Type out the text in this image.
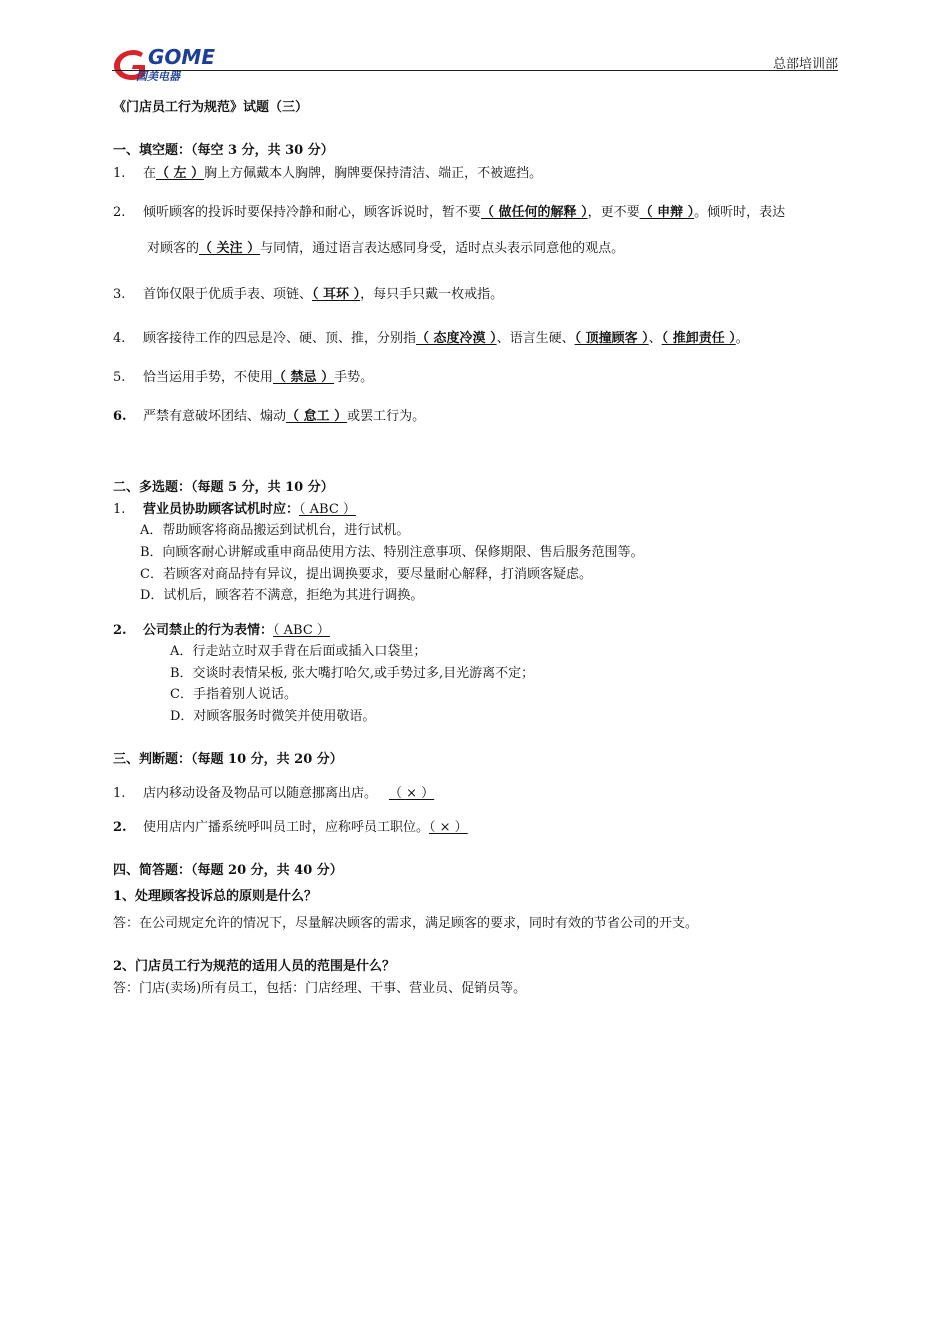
GOME
国美电器
总部培训部
《门店员工行为规范》试题（三）
一、填空题：（每空 3 分，共 30 分）
1. 在（ 左 ）胸上方佩戴本人胸牌，胸牌要保持清洁、端正，不被遮挡。
2. 倾听顾客的投诉时要保持冷静和耐心，顾客诉说时，暂不要（ 做任何的解释 ），更不要（ 申辩 ）。倾听时，表达
对顾客的（ 关注 ）与同情，通过语言表达感同身受，适时点头表示同意他的观点。
3. 首饰仅限于优质手表、项链、（ 耳环 ），每只手只戴一枚戒指。
4. 顾客接待工作的四忌是冷、硬、顶、推，分别指（ 态度冷漠 ）、语言生硬、（ 顶撞顾客 ）、（ 推卸责任 ）。
5. 恰当运用手势，不使用（ 禁忌 ）手势。
6. 严禁有意破坏团结、煽动（ 怠工 ）或罢工行为。
二、多选题：（每题 5 分，共 10 分）
1. 营业员协助顾客试机时应：（ ABC ）
A．帮助顾客将商品搬运到试机台，进行试机。
B．向顾客耐心讲解或重申商品使用方法、特别注意事项、保修期限、售后服务范围等。
C．若顾客对商品持有异议，提出调换要求，要尽量耐心解释，打消顾客疑虑。
D．试机后，顾客若不满意，拒绝为其进行调换。
2. 公司禁止的行为表情：（ ABC ）
A．行走站立时双手背在后面或插入口袋里；
B．交谈时表情呆板, 张大嘴打哈欠,或手势过多,目光游离不定；
C．手指着别人说话。
D．对顾客服务时微笑并使用敬语。
三、判断题：（每题 10 分，共 20 分）
1. 店内移动设备及物品可以随意挪离出店。 （ × ）
2. 使用店内广播系统呼叫员工时，应称呼员工职位。（ × ）
四、简答题：（每题 20 分，共 40 分）
1、处理顾客投诉总的原则是什么？
答：在公司规定允许的情况下，尽量解决顾客的需求，满足顾客的要求，同时有效的节省公司的开支。
2、门店员工行为规范的适用人员的范围是什么？
答：门店(卖场)所有员工，包括：门店经理、干事、营业员、促销员等。
